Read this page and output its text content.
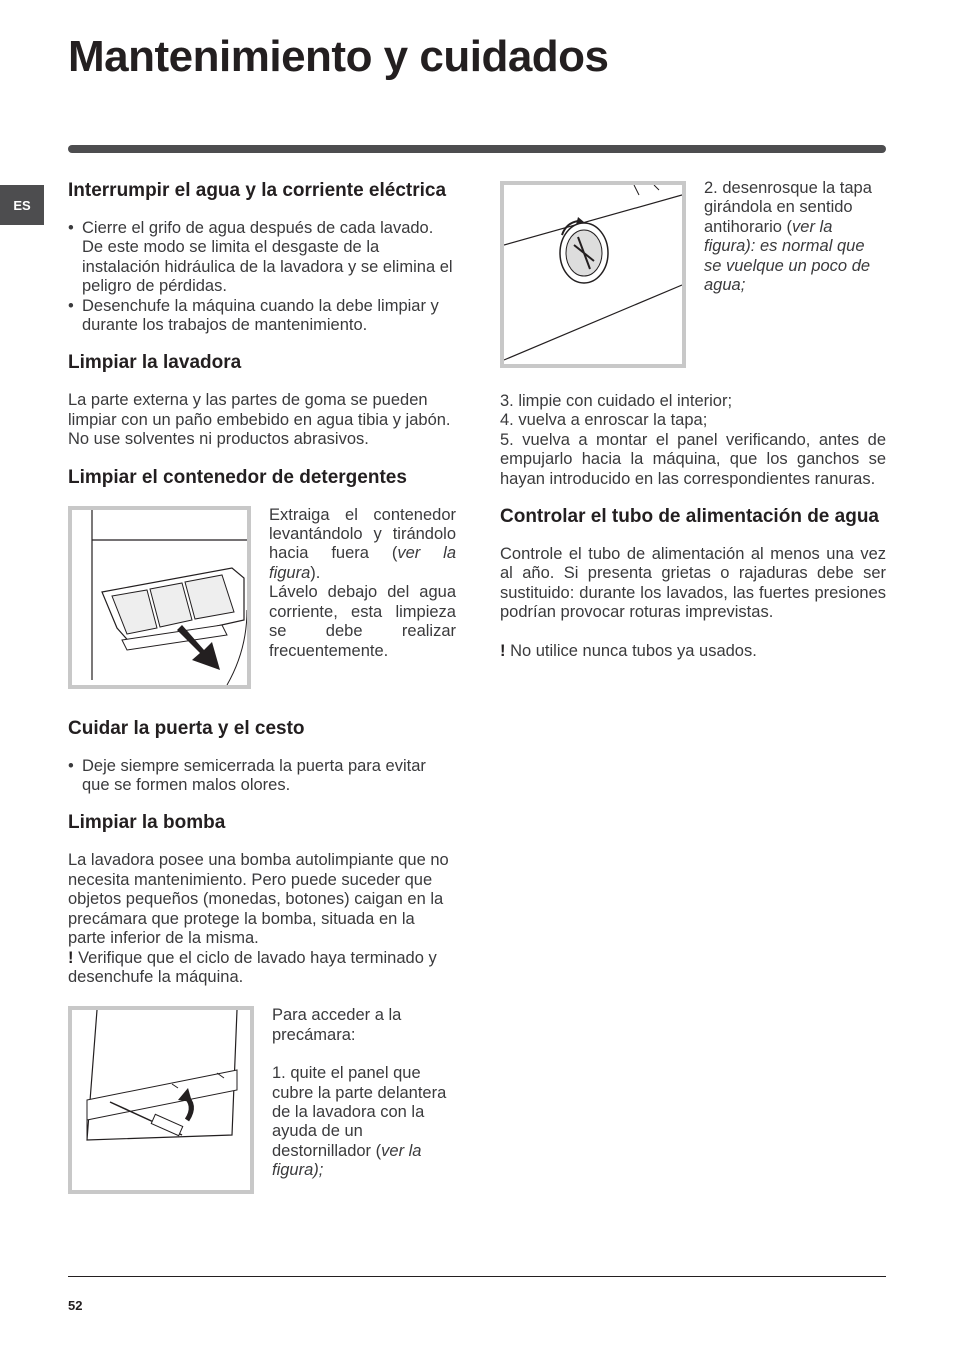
Mantenimiento y cuidados
ES
Interrumpir el agua y la corriente eléctrica
• Cierre el grifo de agua después de cada lavado. De este modo se limita el desgaste de la instalación hidráulica de la lavadora y se elimina el peligro de pérdidas.
• Desenchufe la máquina cuando la debe limpiar y durante los trabajos de mantenimiento.
Limpiar la lavadora

La parte externa y las partes de goma se pueden limpiar con un paño embebido en agua tibia y jabón. No use solventes ni productos abrasivos.

Limpiar el contenedor de detergentes

Extraiga el contenedor levantándolo y tirándolo hacia fuera (ver la figura).

Lávelo debajo del agua corriente, esta limpieza se debe realizar frecuentemente.

Cuidar la puerta y el cesto
• Deje siempre semicerrada la puerta para evitar que se formen malos olores.
Limpiar la bomba

La lavadora posee una bomba autolimpiante que no necesita mantenimiento. Pero puede suceder que objetos pequeños (monedas, botones) caigan en la precámara que protege la bomba, situada en la parte inferior de la misma.

! Verifique que el ciclo de lavado haya terminado y desenchufe la máquina.

Para acceder a la precámara:

1. quite el panel que cubre la parte delantera de la lavadora con la ayuda de un destornillador (ver la figura);

2. desenrosque la tapa girándola en sentido antihorario (ver la figura): es normal que se vuelque un poco de agua;

3. limpie con cuidado el interior;

4. vuelva a enroscar la tapa;

5. vuelva a montar el panel verificando, antes de empujarlo hacia la máquina, que los ganchos se hayan introducido en las correspondientes ranuras.

Controlar el tubo de alimentación de agua

Controle el tubo de alimentación al menos una vez al año. Si presenta grietas o rajaduras debe ser sustituido: durante los lavados, las fuertes presiones podrían provocar roturas imprevistas.

! No utilice nunca tubos ya usados.

52
